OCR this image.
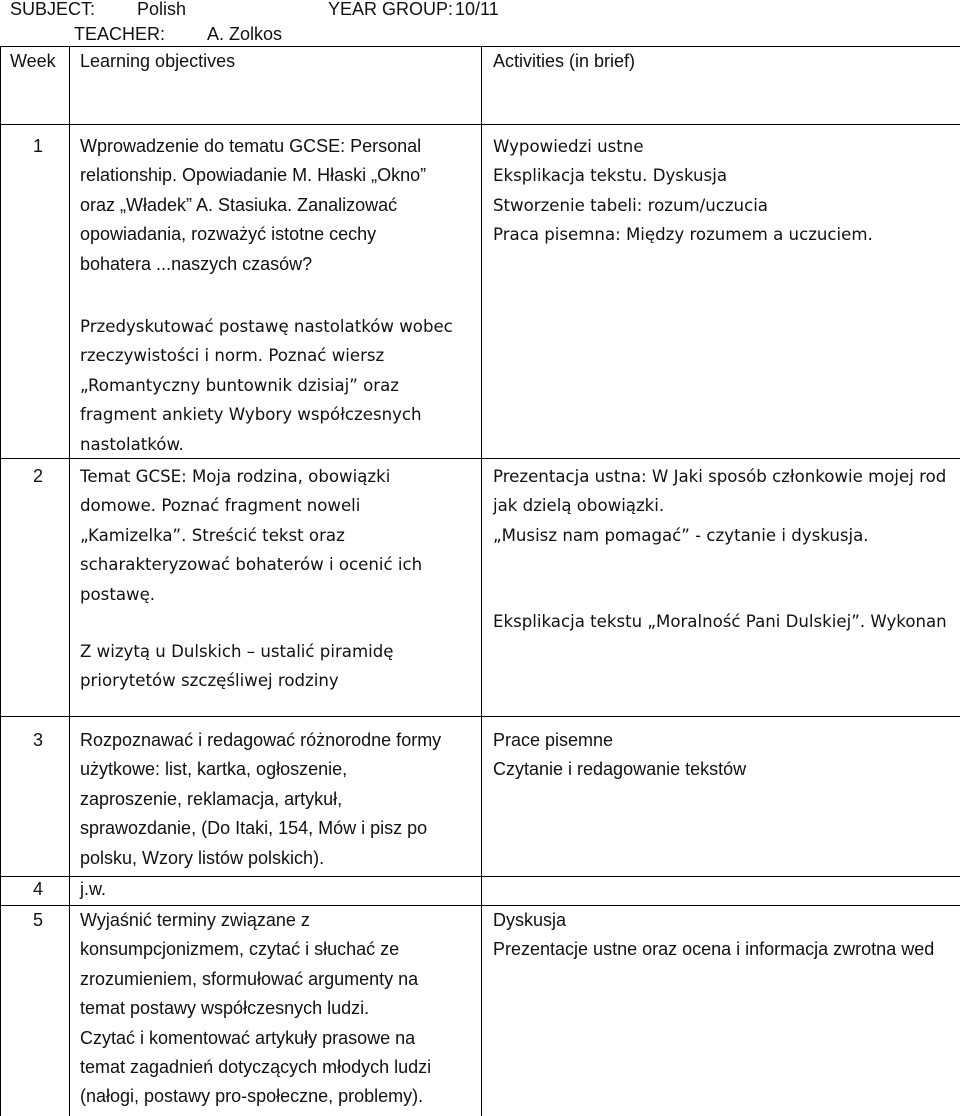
SUBJECT: Polish	YEAR GROUP: 10/11
TEACHER: A. Zolkos
Week Learning objectives	Activities (in brief)
1 Wprowadzenie do tematu GCSE: Personal
relationship. Opowiadanie M. Hłaski „Okno”
oraz „Władek” A. Stasiuka. Zanalizować
opowiadania, rozważyć istotne cechy
bohatera ...naszych czasów?
Przedyskutować postawę nastolatków wobec
rzeczywistości i norm. Poznać wiersz
„Romantyczny buntownik dzisiaj” oraz
fragment ankiety Wybory współczesnych
nastolatków.
Wypowiedzi ustne
Eksplikacja tekstu. Dyskusja
Stworzenie tabeli: rozum/uczucia
Praca pisemna: Między rozumem a uczuciem.
2 Temat GCSE: Moja rodzina, obowiązki
domowe. Poznać fragment noweli
„Kamizelka”. Streścić tekst oraz
scharakteryzować bohaterów i ocenić ich
postawę.
Z wizytą u Dulskich – ustalić piramidę
priorytetów szczęśliwej rodziny
Prezentacja ustna: W Jaki sposób członkowie mojej rod
jak dzielą obowiązki.
„Musisz nam pomagać” - czytanie i dyskusja.
Eksplikacja tekstu „Moralność Pani Dulskiej”. Wykonan
3 Rozpoznawać i redagować różnorodne formy
użytkowe: list, kartka, ogłoszenie,
zaproszenie, reklamacja, artykuł,
sprawozdanie, (Do Itaki, 154, Mów i pisz po
polsku, Wzory listów polskich).
Prace pisemne
Czytanie i redagowanie tekstów
4 j.w.
5 Wyjaśnić terminy związane z
konsumpcjonizmem, czytać i słuchać ze
zrozumieniem, sformułować argumenty na
temat postawy współczesnych ludzi.
Czytać i komentować artykuły prasowe na
temat zagadnień dotyczących młodych ludzi
(nałogi, postawy pro-społeczne, problemy).
Dyskusja
Prezentacje ustne oraz ocena i informacja zwrotna wed
